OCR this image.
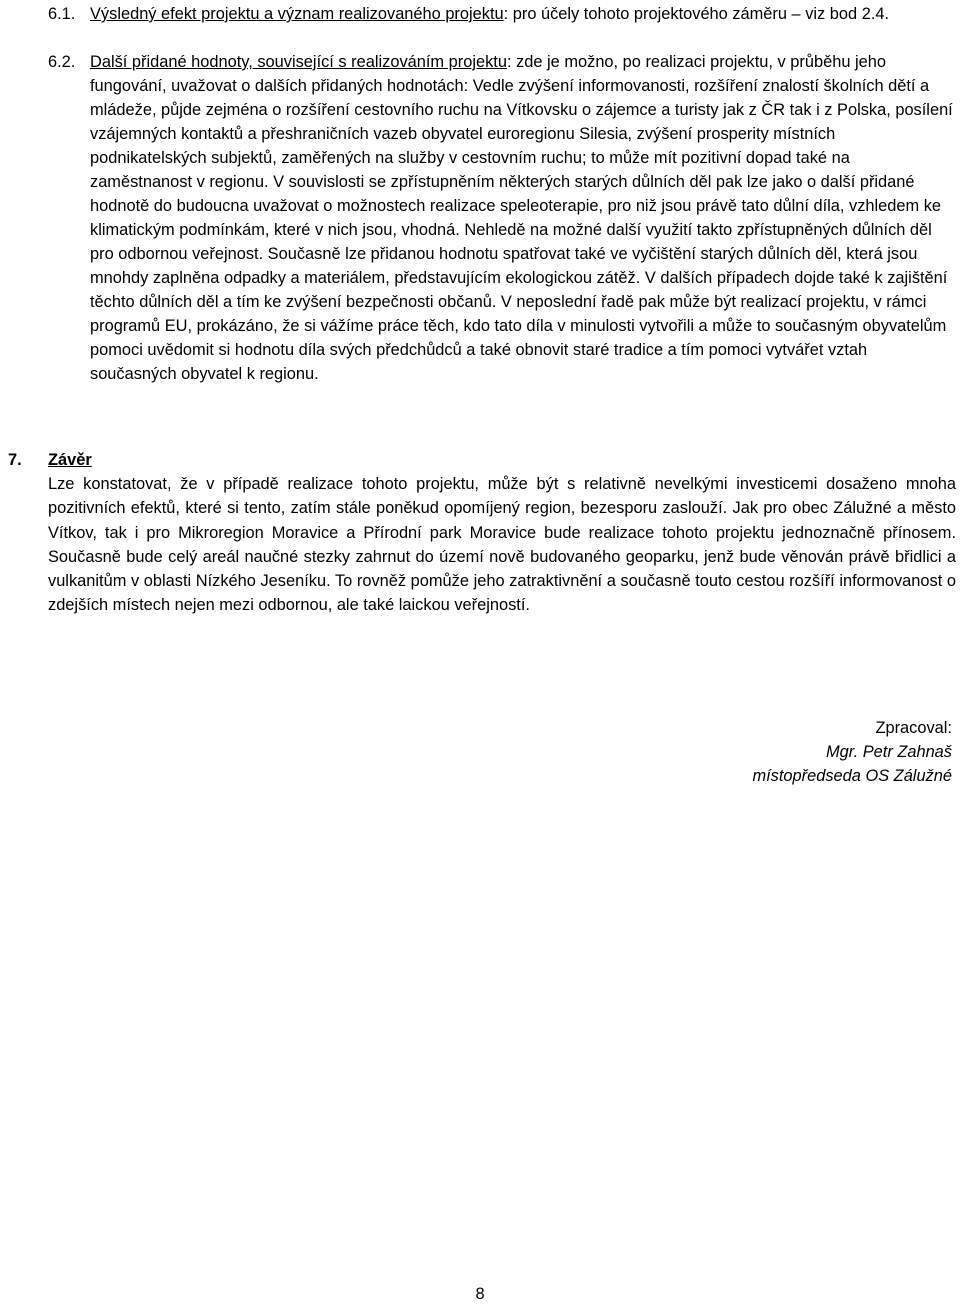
6.1. Výsledný efekt projektu a význam realizovaného projektu: pro účely tohoto projektového záměru – viz bod 2.4.
6.2. Další přidané hodnoty, související s realizováním projektu: zde je možno, po realizaci projektu, v průběhu jeho fungování, uvažovat o dalších přidaných hodnotách: Vedle zvýšení informovanosti, rozšíření znalostí školních dětí a mládeže, půjde zejména o rozšíření cestovního ruchu na Vítkovsku o zájemce a turisty jak z ČR tak i z Polska, posílení vzájemných kontaktů a přeshraničních vazeb obyvatel euroregionu Silesia, zvýšení prosperity místních podnikatelských subjektů, zaměřených na služby v cestovním ruchu; to může mít pozitivní dopad také na zaměstnanost v regionu. V souvislosti se zpřístupněním některých starých důlních děl pak lze jako o další přidané hodnotě do budoucna uvažovat o možnostech realizace speleoterapie, pro niž jsou právě tato důlní díla, vzhledem ke klimatickým podmínkám, které v nich jsou, vhodná. Nehledě na možné další využití takto zpřístupněných důlních děl pro odbornou veřejnost. Současně lze přidanou hodnotu spatřovat také ve vyčištění starých důlních děl, která jsou mnohdy zaplněna odpadky a materiálem, představujícím ekologickou zátěž. V dalších případech dojde také k zajištění těchto důlních děl a tím ke zvýšení bezpečnosti občanů. V neposlední řadě pak může být realizací projektu, v rámci programů EU, prokázáno, že si vážíme práce těch, kdo tato díla v minulosti vytvořili a může to současným obyvatelům pomoci uvědomit si hodnotu díla svých předchůdců a také obnovit staré tradice a tím pomoci vytvářet vztah současných obyvatel k regionu.
7. Závěr
Lze konstatovat, že v případě realizace tohoto projektu, může být s relativně nevelkými investicemi dosaženo mnoha pozitivních efektů, které si tento, zatím stále poněkud opomíjený region, bezesporu zaslouží. Jak pro obec Zálužné a město Vítkov, tak i pro Mikroregion Moravice a Přírodní park Moravice bude realizace tohoto projektu jednoznačně přínosem. Současně bude celý areál naučné stezky zahrnut do území nově budovaného geoparku, jenž bude věnován právě břidlici a vulkanitům v oblasti Nízkého Jeseníku. To rovněž pomůže jeho zatraktivnění a současně touto cestou rozšíří informovanost o zdejších místech nejen mezi odbornou, ale také laickou veřejností.
Zpracoval:
Mgr. Petr Zahnaš
místopředseda OS Zálužné
8
